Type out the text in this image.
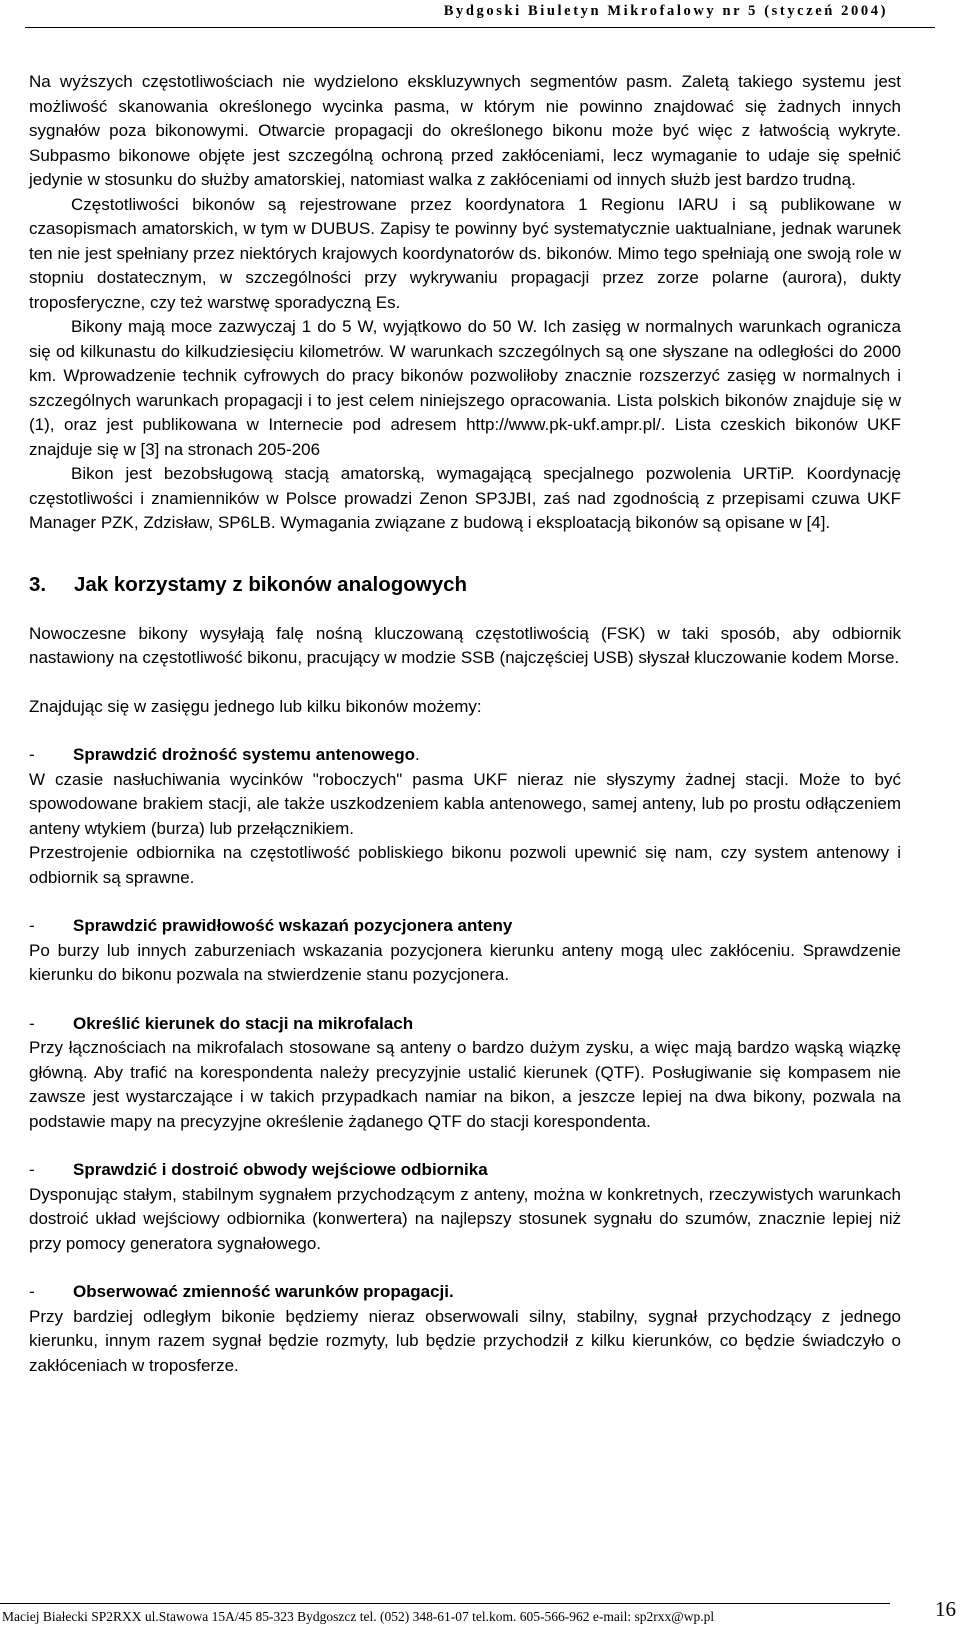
Bydgoski Biuletyn Mikrofalowy nr 5 (styczeń 2004)

Na wyższych częstotliwościach nie wydzielono ekskluzywnych segmentów pasm. Zaletą takiego systemu jest możliwość skanowania określonego wycinka pasma, w którym nie powinno znajdować się żadnych innych sygnałów poza bikonowymi. Otwarcie propagacji do określonego bikonu może być więc z łatwością wykryte. Subpasmo bikonowe objęte jest szczególną ochroną przed zakłóceniami, lecz wymaganie to udaje się spełnić jedynie w stosunku do służby amatorskiej, natomiast walka z zakłóceniami od innych służb jest bardzo trudną.

Częstotliwości bikonów są rejestrowane przez koordynatora 1 Regionu IARU i są publikowane w czasopismach amatorskich, w tym w DUBUS. Zapisy te powinny być systematycznie uaktualniane, jednak warunek ten nie jest spełniany przez niektórych krajowych koordynatorów ds. bikonów. Mimo tego spełniają one swoją role w stopniu dostatecznym, w szczególności przy wykrywaniu propagacji przez zorze polarne (aurora), dukty troposferyczne, czy też warstwę sporadyczną Es.

Bikony mają moce zazwyczaj 1 do 5 W, wyjątkowo do 50 W. Ich zasięg w normalnych warunkach ogranicza się od kilkunastu do kilkudziesięciu kilometrów. W warunkach szczególnych są one słyszane na odległości do 2000 km. Wprowadzenie technik cyfrowych do pracy bikonów pozwoliłoby znacznie rozszerzyć zasięg w normalnych i szczególnych warunkach propagacji i to jest celem niniejszego opracowania. Lista polskich bikonów znajduje się w (1), oraz jest publikowana w Internecie pod adresem http://www.pk-ukf.ampr.pl/. Lista czeskich bikonów UKF znajduje się w [3] na stronach 205-206

Bikon jest bezobsługową stacją amatorską, wymagającą specjalnego pozwolenia URTiP. Koordynację częstotliwości i znamienników w Polsce prowadzi Zenon SP3JBI, zaś nad zgodnością z przepisami czuwa UKF Manager PZK, Zdzisław, SP6LB. Wymagania związane z budową i eksploatacją bikonów są opisane w [4].

3. Jak korzystamy z bikonów analogowych

Nowoczesne bikony wysyłają falę nośną kluczowaną częstotliwością (FSK) w taki sposób, aby odbiornik nastawiony na częstotliwość bikonu, pracujący w modzie SSB (najczęściej USB) słyszał kluczowanie kodem Morse.

Znajdując się w zasięgu jednego lub kilku bikonów możemy:

- Sprawdzić drożność systemu antenowego.

W czasie nasłuchiwania wycinków "roboczych" pasma UKF nieraz nie słyszymy żadnej stacji. Może to być spowodowane brakiem stacji, ale także uszkodzeniem kabla antenowego, samej anteny, lub po prostu odłączeniem anteny wtykiem (burza) lub przełącznikiem.

Przestrojenie odbiornika na częstotliwość pobliskiego bikonu pozwoli upewnić się nam, czy system antenowy i odbiornik są sprawne.

- Sprawdzić prawidłowość wskazań pozycjonera anteny

Po burzy lub innych zaburzeniach wskazania pozycjonera kierunku anteny mogą ulec zakłóceniu. Sprawdzenie kierunku do bikonu pozwala na stwierdzenie stanu pozycjonera.

- Określić kierunek do stacji na mikrofalach

Przy łącznościach na mikrofalach stosowane są anteny o bardzo dużym zysku, a więc mają bardzo wąską wiązkę główną. Aby trafić na korespondenta należy precyzyjnie ustalić kierunek (QTF). Posługiwanie się kompasem nie zawsze jest wystarczające i w takich przypadkach namiar na bikon, a jeszcze lepiej na dwa bikony, pozwala na podstawie mapy na precyzyjne określenie żądanego QTF do stacji korespondenta.

- Sprawdzić i dostroić obwody wejściowe odbiornika

Dysponując stałym, stabilnym sygnałem przychodzącym z anteny, można w konkretnych, rzeczywistych warunkach dostroić układ wejściowy odbiornika (konwertera) na najlepszy stosunek sygnału do szumów, znacznie lepiej niż przy pomocy generatora sygnałowego.

- Obserwować zmienność warunków propagacji.

Przy bardziej odległym bikonie będziemy nieraz obserwowali silny, stabilny, sygnał przychodzący z jednego kierunku, innym razem sygnał będzie rozmyty, lub będzie przychodził z kilku kierunków, co będzie świadczyło o zakłóceniach w troposferze.

Maciej Białecki SP2RXX ul.Stawowa 15A/45 85-323 Bydgoszcz tel. (052) 348-61-07 tel.kom. 605-566-962 e-mail: sp2rxx@wp.pl	16
